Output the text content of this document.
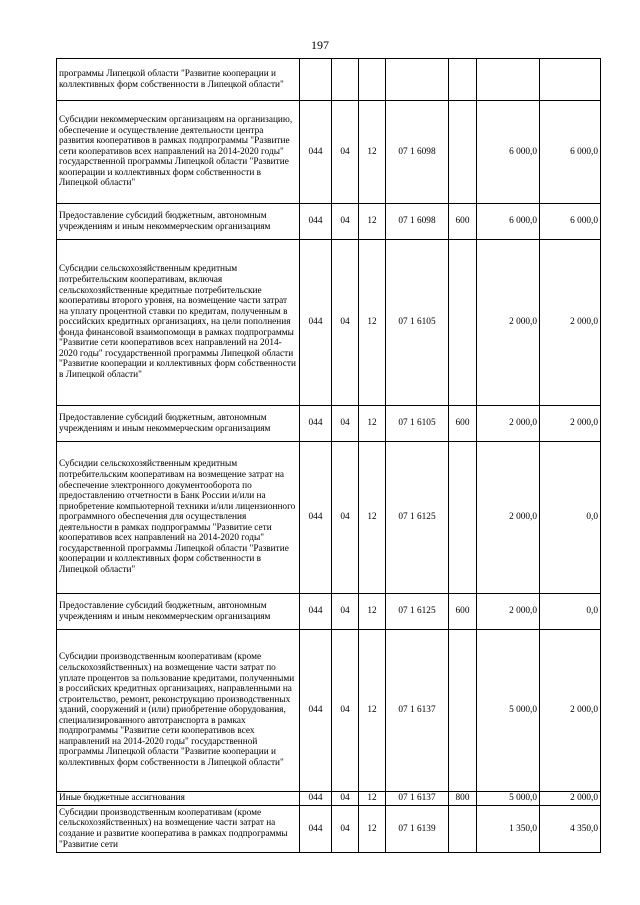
197
программы Липецкой области "Развитие кооперации и коллективных форм собственности в Липецкой области"							
Субсидии некоммерческим организациям на организацию, обеспечение и осуществление деятельности центра развития кооперативов в рамках подпрограммы "Развитие сети кооперативов всех направлений на 2014-2020 годы" государственной программы Липецкой области "Развитие кооперации и коллективных форм собственности в Липецкой области"	044	04	12	07 1 6098		6 000,0	6 000,0
Предоставление субсидий бюджетным, автономным учреждениям и иным некоммерческим организациям	044	04	12	07 1 6098	600	6 000,0	6 000,0
Субсидии сельскохозяйственным кредитным потребительским кооперативам, включая сельскохозяйственные кредитные потребительские кооперативы второго уровня, на возмещение части затрат на уплату процентной ставки по кредитам, полученным в российских кредитных организациях, на цели пополнения фонда финансовой взаимопомощи в рамках подпрограммы "Развитие сети кооперативов всех направлений на 2014-2020 годы" государственной программы Липецкой области "Развитие кооперации и коллективных форм собственности в Липецкой области"	044	04	12	07 1 6105		2 000,0	2 000,0
Предоставление субсидий бюджетным, автономным учреждениям и иным некоммерческим организациям	044	04	12	07 1 6105	600	2 000,0	2 000,0
Субсидии сельскохозяйственным кредитным потребительским кооперативам на возмещение затрат на обеспечение электронного документооборота по предоставлению отчетности в Банк России и/или на приобретение компьютерной техники и/или лицензионного программного обеспечения для осуществления деятельности в рамках подпрограммы "Развитие сети кооперативов всех направлений на 2014-2020 годы" государственной программы Липецкой области "Развитие кооперации и коллективных форм собственности в Липецкой области"	044	04	12	07 1 6125		2 000,0	0,0
Предоставление субсидий бюджетным, автономным учреждениям и иным некоммерческим организациям	044	04	12	07 1 6125	600	2 000,0	0,0
Субсидии производственным кооперативам (кроме сельскохозяйственных) на возмещение части затрат по уплате процентов за пользование кредитами, полученными в российских кредитных организациях, направленными на строительство, ремонт, реконструкцию производственных зданий, сооружений и (или) приобретение оборудования, специализированного автотранспорта в рамках подпрограммы "Развитие сети кооперативов всех направлений на 2014-2020 годы" государственной программы Липецкой области "Развитие кооперации и коллективных форм собственности в Липецкой области"	044	04	12	07 1 6137		5 000,0	2 000,0
Иные бюджетные ассигнования	044	04	12	07 1 6137	800	5 000,0	2 000,0
Субсидии производственным кооперативам (кроме сельскохозяйственных) на возмещение части затрат на создание и развитие кооператива в рамках подпрограммы "Развитие сети	044	04	12	07 1 6139		1 350,0	4 350,0
